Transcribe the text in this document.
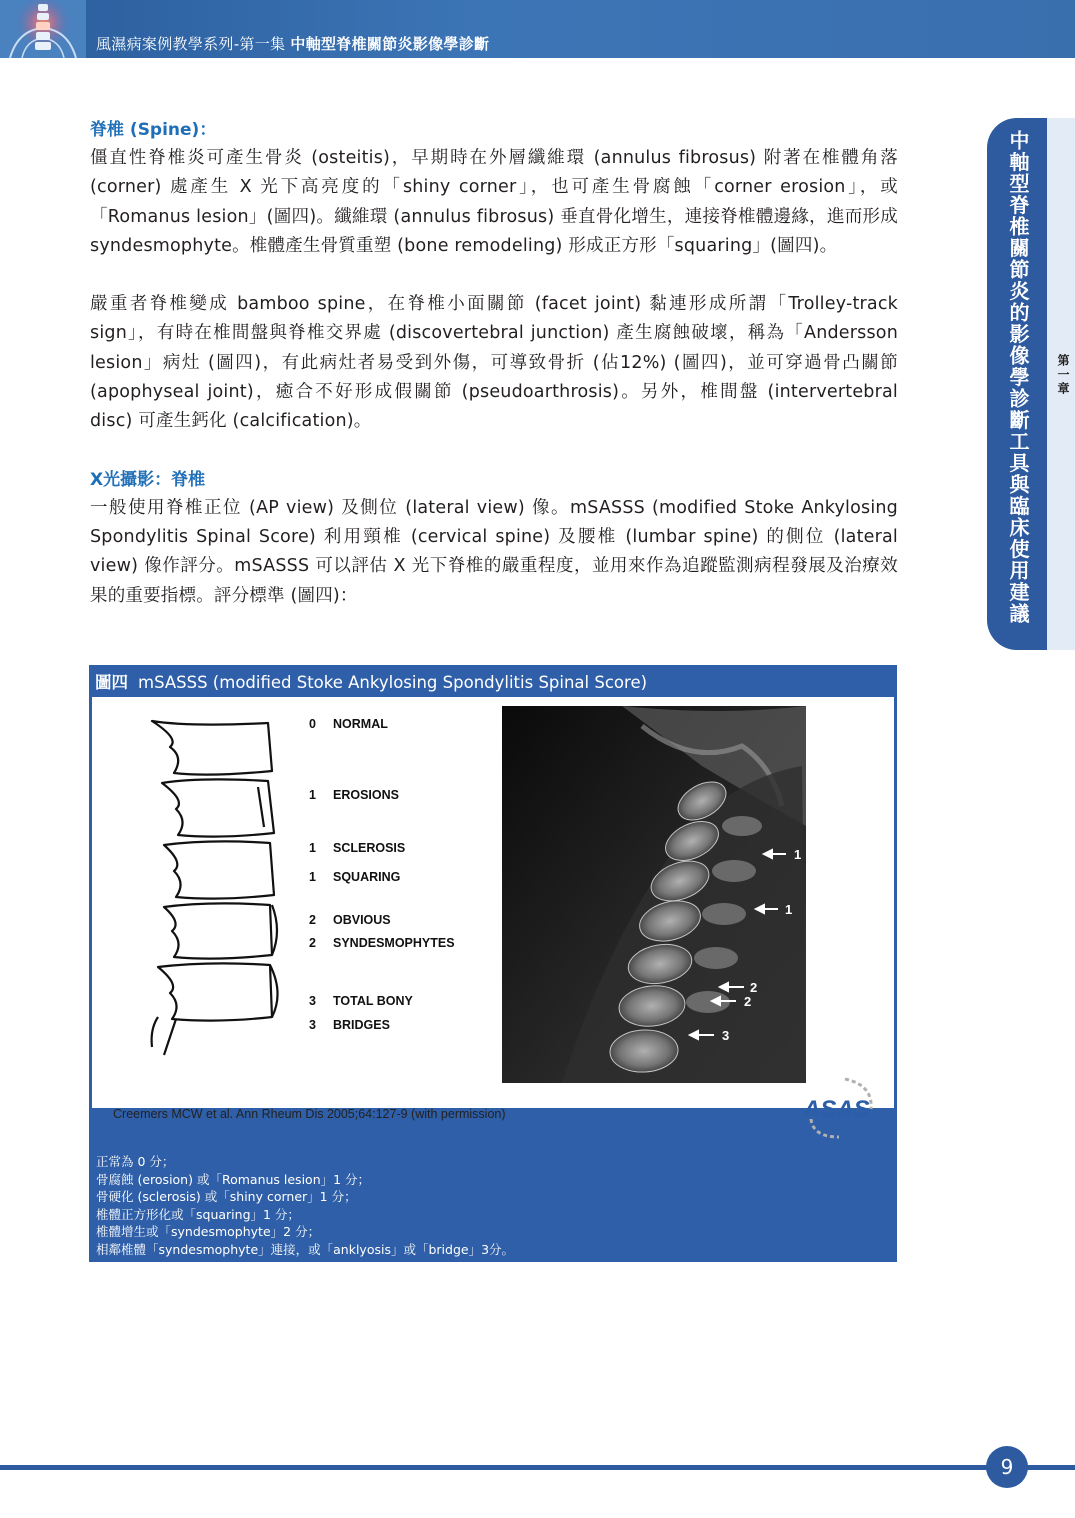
風濕病案例教學系列-第一集 中軸型脊椎關節炎影像學診斷
中軸型脊椎關節炎的影像學診斷工具與臨床使用建議	第一章
脊椎 (Spine)：

僵直性脊椎炎可產生骨炎 (osteitis)，早期時在外層纖維環 (annulus fibrosus) 附著在椎體角落 (corner) 處產生 X 光下高亮度的「shiny corner」，也可產生骨腐蝕「corner erosion」，或「Romanus lesion」(圖四)。纖維環 (annulus fibrosus) 垂直骨化增生，連接脊椎體邊緣，進而形成 syndesmophyte。椎體產生骨質重塑 (bone remodeling) 形成正方形「squaring」(圖四)。

嚴重者脊椎變成 bamboo spine，在脊椎小面關節 (facet joint) 黏連形成所謂「Trolley-track sign」，有時在椎間盤與脊椎交界處 (discovertebral junction) 產生腐蝕破壞，稱為「Andersson lesion」病灶 (圖四)，有此病灶者易受到外傷，可導致骨折 (佔12%) (圖四)，並可穿過骨凸關節 (apophyseal joint)，癒合不好形成假關節 (pseudoarthrosis)。另外，椎間盤 (intervertebral disc) 可產生鈣化 (calcification)。

X光攝影：脊椎

一般使用脊椎正位 (AP view) 及側位 (lateral view) 像。mSASSS (modified Stoke Ankylosing Spondylitis Spinal Score) 利用頸椎 (cervical spine) 及腰椎 (lumbar spine) 的側位 (lateral view) 像作評分。mSASSS 可以評估 X 光下脊椎的嚴重程度，並用來作為追蹤監測病程發展及治療效果的重要指標。評分標準 (圖四)：

圖四 mSASSS (modified Stoke Ankylosing Spondylitis Spinal Score)
0 NORMAL
1 EROSIONS
1 SCLEROSIS
1 SQUARING
2 OBVIOUS
2 SYNDESMOPHYTES
3 TOTAL BONY
3 BRIDGES
1
1
2
2
3
Creemers MCW et al. Ann Rheum Dis 2005;64:127-9 (with permission)	ASAS
正常為 0 分；
骨腐蝕 (erosion) 或「Romanus lesion」1 分；
骨硬化 (sclerosis) 或「shiny corner」1 分；
椎體正方形化或「squaring」1 分；
椎體增生或「syndesmophyte」2 分；
相鄰椎體「syndesmophyte」連接，或「anklyosis」或「bridge」3分。
9
